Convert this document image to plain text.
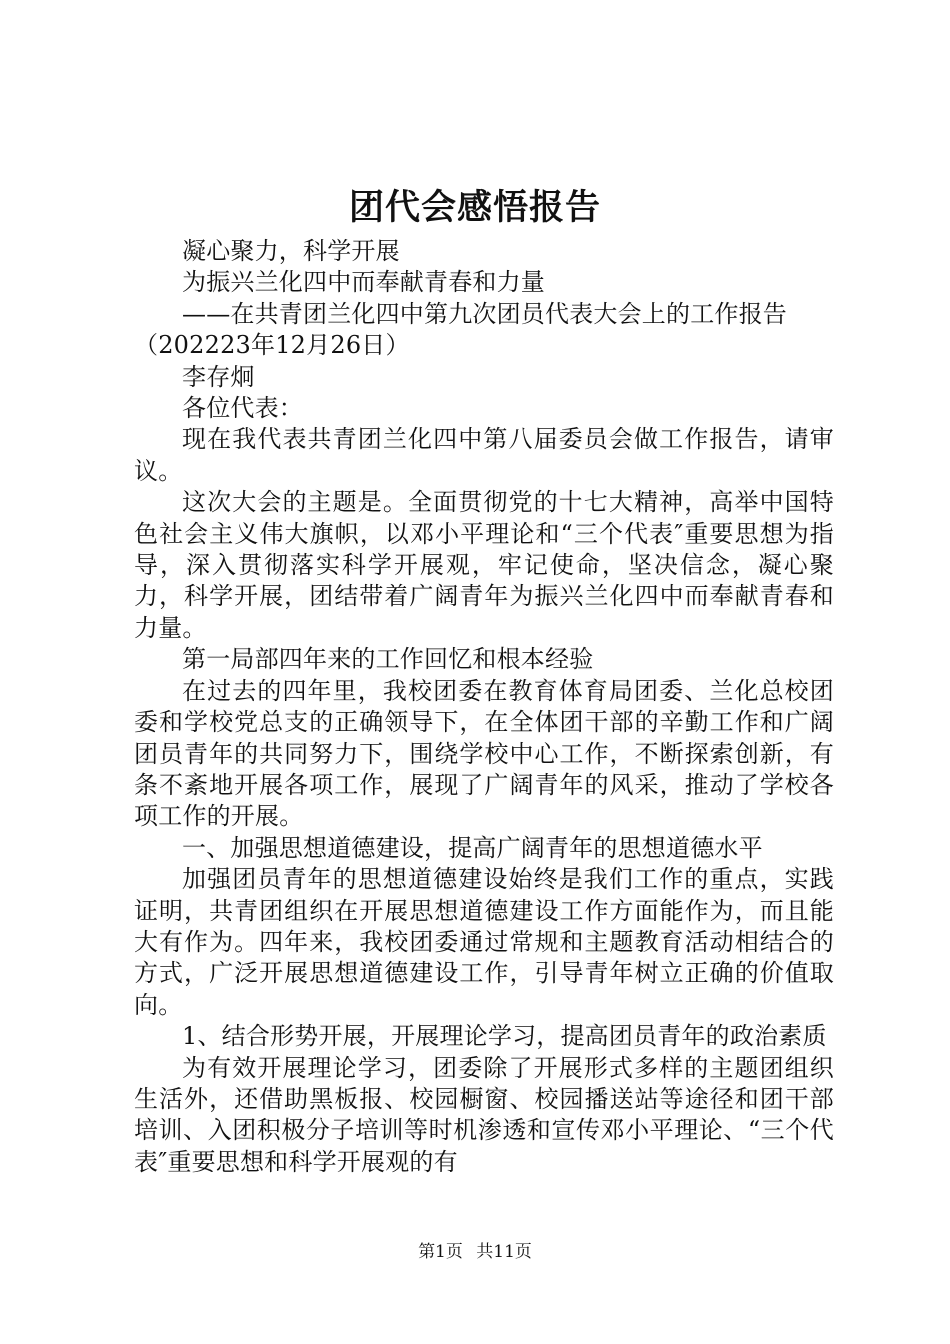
团代会感悟报告

凝心聚力，科学开展

为振兴兰化四中而奉献青春和力量

——在共青团兰化四中第九次团员代表大会上的工作报告

（202223年12月26日）

李存炯

各位代表：

现在我代表共青团兰化四中第八届委员会做工作报告，请审议。

这次大会的主题是。全面贯彻党的十七大精神，高举中国特色社会主义伟大旗帜，以邓小平理论和“三个代表″重要思想为指导，深入贯彻落实科学开展观，牢记使命，坚决信念，凝心聚力，科学开展，团结带着广阔青年为振兴兰化四中而奉献青春和力量。

第一局部四年来的工作回忆和根本经验

在过去的四年里，我校团委在教育体育局团委、兰化总校团委和学校党总支的正确领导下，在全体团干部的辛勤工作和广阔团员青年的共同努力下，围绕学校中心工作，不断探索创新，有条不紊地开展各项工作，展现了广阔青年的风采，推动了学校各项工作的开展。

一、加强思想道德建设，提高广阔青年的思想道德水平

加强团员青年的思想道德建设始终是我们工作的重点，实践证明，共青团组织在开展思想道德建设工作方面能作为，而且能大有作为。四年来，我校团委通过常规和主题教育活动相结合的方式，广泛开展思想道德建设工作，引导青年树立正确的价值取向。

1、结合形势开展，开展理论学习，提高团员青年的政治素质

为有效开展理论学习，团委除了开展形式多样的主题团组织生活外，还借助黑板报、校园橱窗、校园播送站等途径和团干部培训、入团积极分子培训等时机渗透和宣传邓小平理论、“三个代表″重要思想和科学开展观的有

第1页 共11页
